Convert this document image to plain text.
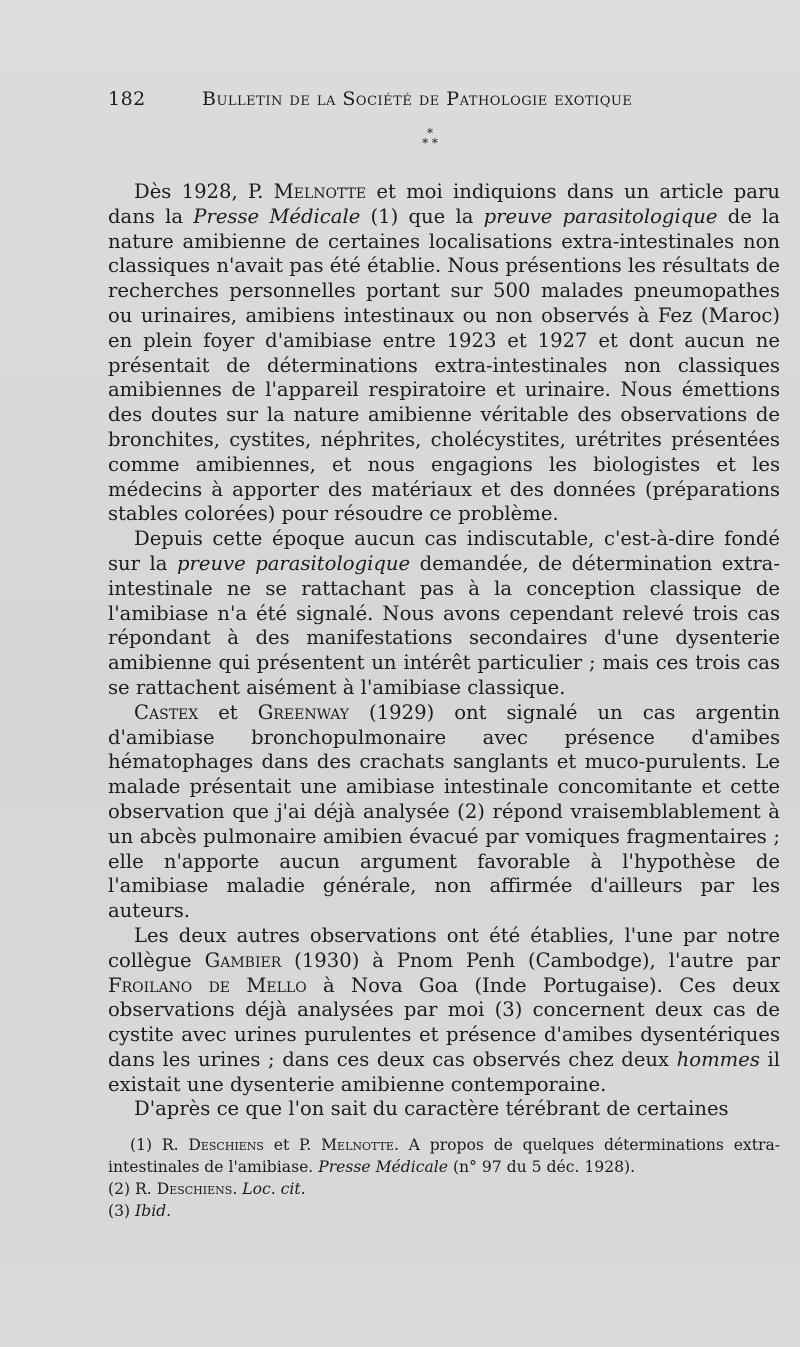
182	Bulletin de la Société de Pathologie exotique
*
* *

Dès 1928, P. Melnotte et moi indiquions dans un article paru dans la Presse Médicale (1) que la preuve parasitologique de la nature amibienne de certaines localisations extra-intestinales non classiques n'avait pas été établie. Nous présentions les résultats de recherches personnelles portant sur 500 malades pneumopathes ou urinaires, amibiens intestinaux ou non observés à Fez (Maroc) en plein foyer d'amibiase entre 1923 et 1927 et dont aucun ne présentait de déterminations extra-intestinales non classiques amibiennes de l'appareil respiratoire et urinaire. Nous émettions des doutes sur la nature amibienne véritable des observations de bronchites, cystites, néphrites, cholécystites, urétrites présentées comme amibiennes, et nous engagions les biologistes et les médecins à apporter des matériaux et des données (préparations stables colorées) pour résoudre ce problème.

Depuis cette époque aucun cas indiscutable, c'est-à-dire fondé sur la preuve parasitologique demandée, de détermination extra-intestinale ne se rattachant pas à la conception classique de l'amibiase n'a été signalé. Nous avons cependant relevé trois cas répondant à des manifestations secondaires d'une dysenterie amibienne qui présentent un intérêt particulier ; mais ces trois cas se rattachent aisément à l'amibiase classique.

Castex et Greenway (1929) ont signalé un cas argentin d'amibiase bronchopulmonaire avec présence d'amibes hématophages dans des crachats sanglants et muco-purulents. Le malade présentait une amibiase intestinale concomitante et cette observation que j'ai déjà analysée (2) répond vraisemblablement à un abcès pulmonaire amibien évacué par vomiques fragmentaires ; elle n'apporte aucun argument favorable à l'hypothèse de l'amibiase maladie générale, non affirmée d'ailleurs par les auteurs.

Les deux autres observations ont été établies, l'une par notre collègue Gambier (1930) à Pnom Penh (Cambodge), l'autre par Froilano de Mello à Nova Goa (Inde Portugaise). Ces deux observations déjà analysées par moi (3) concernent deux cas de cystite avec urines purulentes et présence d'amibes dysentériques dans les urines ; dans ces deux cas observés chez deux hommes il existait une dysenterie amibienne contemporaine.

D'après ce que l'on sait du caractère térébrant de certaines

(1) R. Deschiens et P. Melnotte. A propos de quelques déterminations extra-intestinales de l'amibiase. Presse Médicale (n° 97 du 5 déc. 1928).

(2) R. Deschiens. Loc. cit.

(3) Ibid.
